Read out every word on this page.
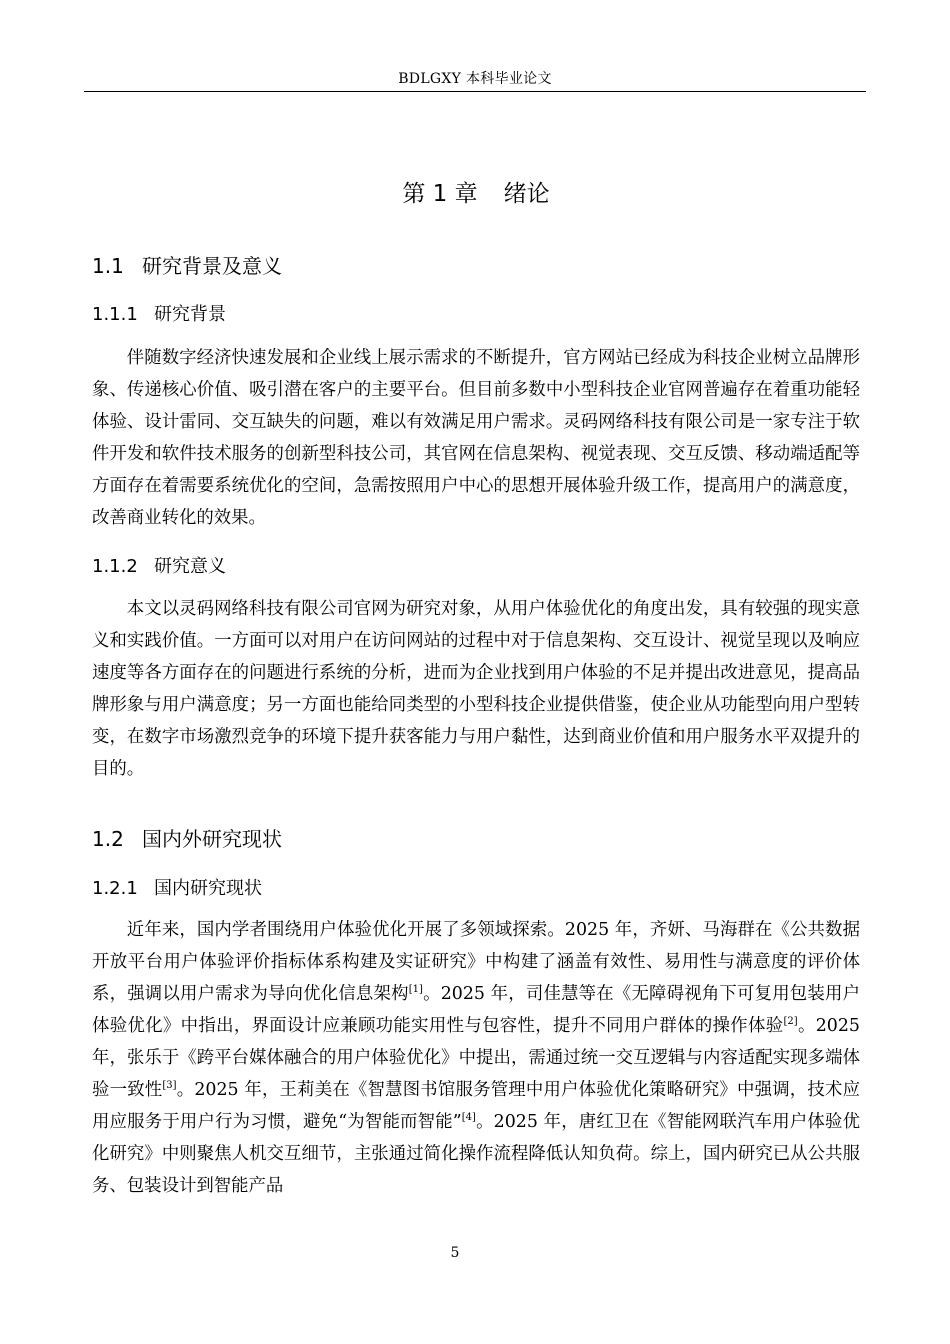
BDLGXY 本科毕业论文
第 1 章 绪论
1.1 研究背景及意义
1.1.1 研究背景

伴随数字经济快速发展和企业线上展示需求的不断提升，官方网站已经成为科技企业树立品牌形象、传递核心价值、吸引潜在客户的主要平台。但目前多数中小型科技企业官网普遍存在着重功能轻体验、设计雷同、交互缺失的问题，难以有效满足用户需求。灵码网络科技有限公司是一家专注于软件开发和软件技术服务的创新型科技公司，其官网在信息架构、视觉表现、交互反馈、移动端适配等方面存在着需要系统优化的空间，急需按照用户中心的思想开展体验升级工作，提高用户的满意度，改善商业转化的效果。

1.1.2 研究意义

本文以灵码网络科技有限公司官网为研究对象，从用户体验优化的角度出发，具有较强的现实意义和实践价值。一方面可以对用户在访问网站的过程中对于信息架构、交互设计、视觉呈现以及响应速度等各方面存在的问题进行系统的分析，进而为企业找到用户体验的不足并提出改进意见，提高品牌形象与用户满意度；另一方面也能给同类型的小型科技企业提供借鉴，使企业从功能型向用户型转变，在数字市场激烈竞争的环境下提升获客能力与用户黏性，达到商业价值和用户服务水平双提升的目的。

1.2 国内外研究现状
1.2.1 国内研究现状

近年来，国内学者围绕用户体验优化开展了多领域探索。2025 年，齐妍、马海群在《公共数据开放平台用户体验评价指标体系构建及实证研究》中构建了涵盖有效性、易用性与满意度的评价体系，强调以用户需求为导向优化信息架构[1]。2025 年，司佳慧等在《无障碍视角下可复用包装用户体验优化》中指出，界面设计应兼顾功能实用性与包容性，提升不同用户群体的操作体验[2]。2025 年，张乐于《跨平台媒体融合的用户体验优化》中提出，需通过统一交互逻辑与内容适配实现多端体验一致性[3]。2025 年，王莉美在《智慧图书馆服务管理中用户体验优化策略研究》中强调，技术应用应服务于用户行为习惯，避免“为智能而智能”[4]。2025 年，唐红卫在《智能网联汽车用户体验优化研究》中则聚焦人机交互细节，主张通过简化操作流程降低认知负荷。综上，国内研究已从公共服务、包装设计到智能产品

5
